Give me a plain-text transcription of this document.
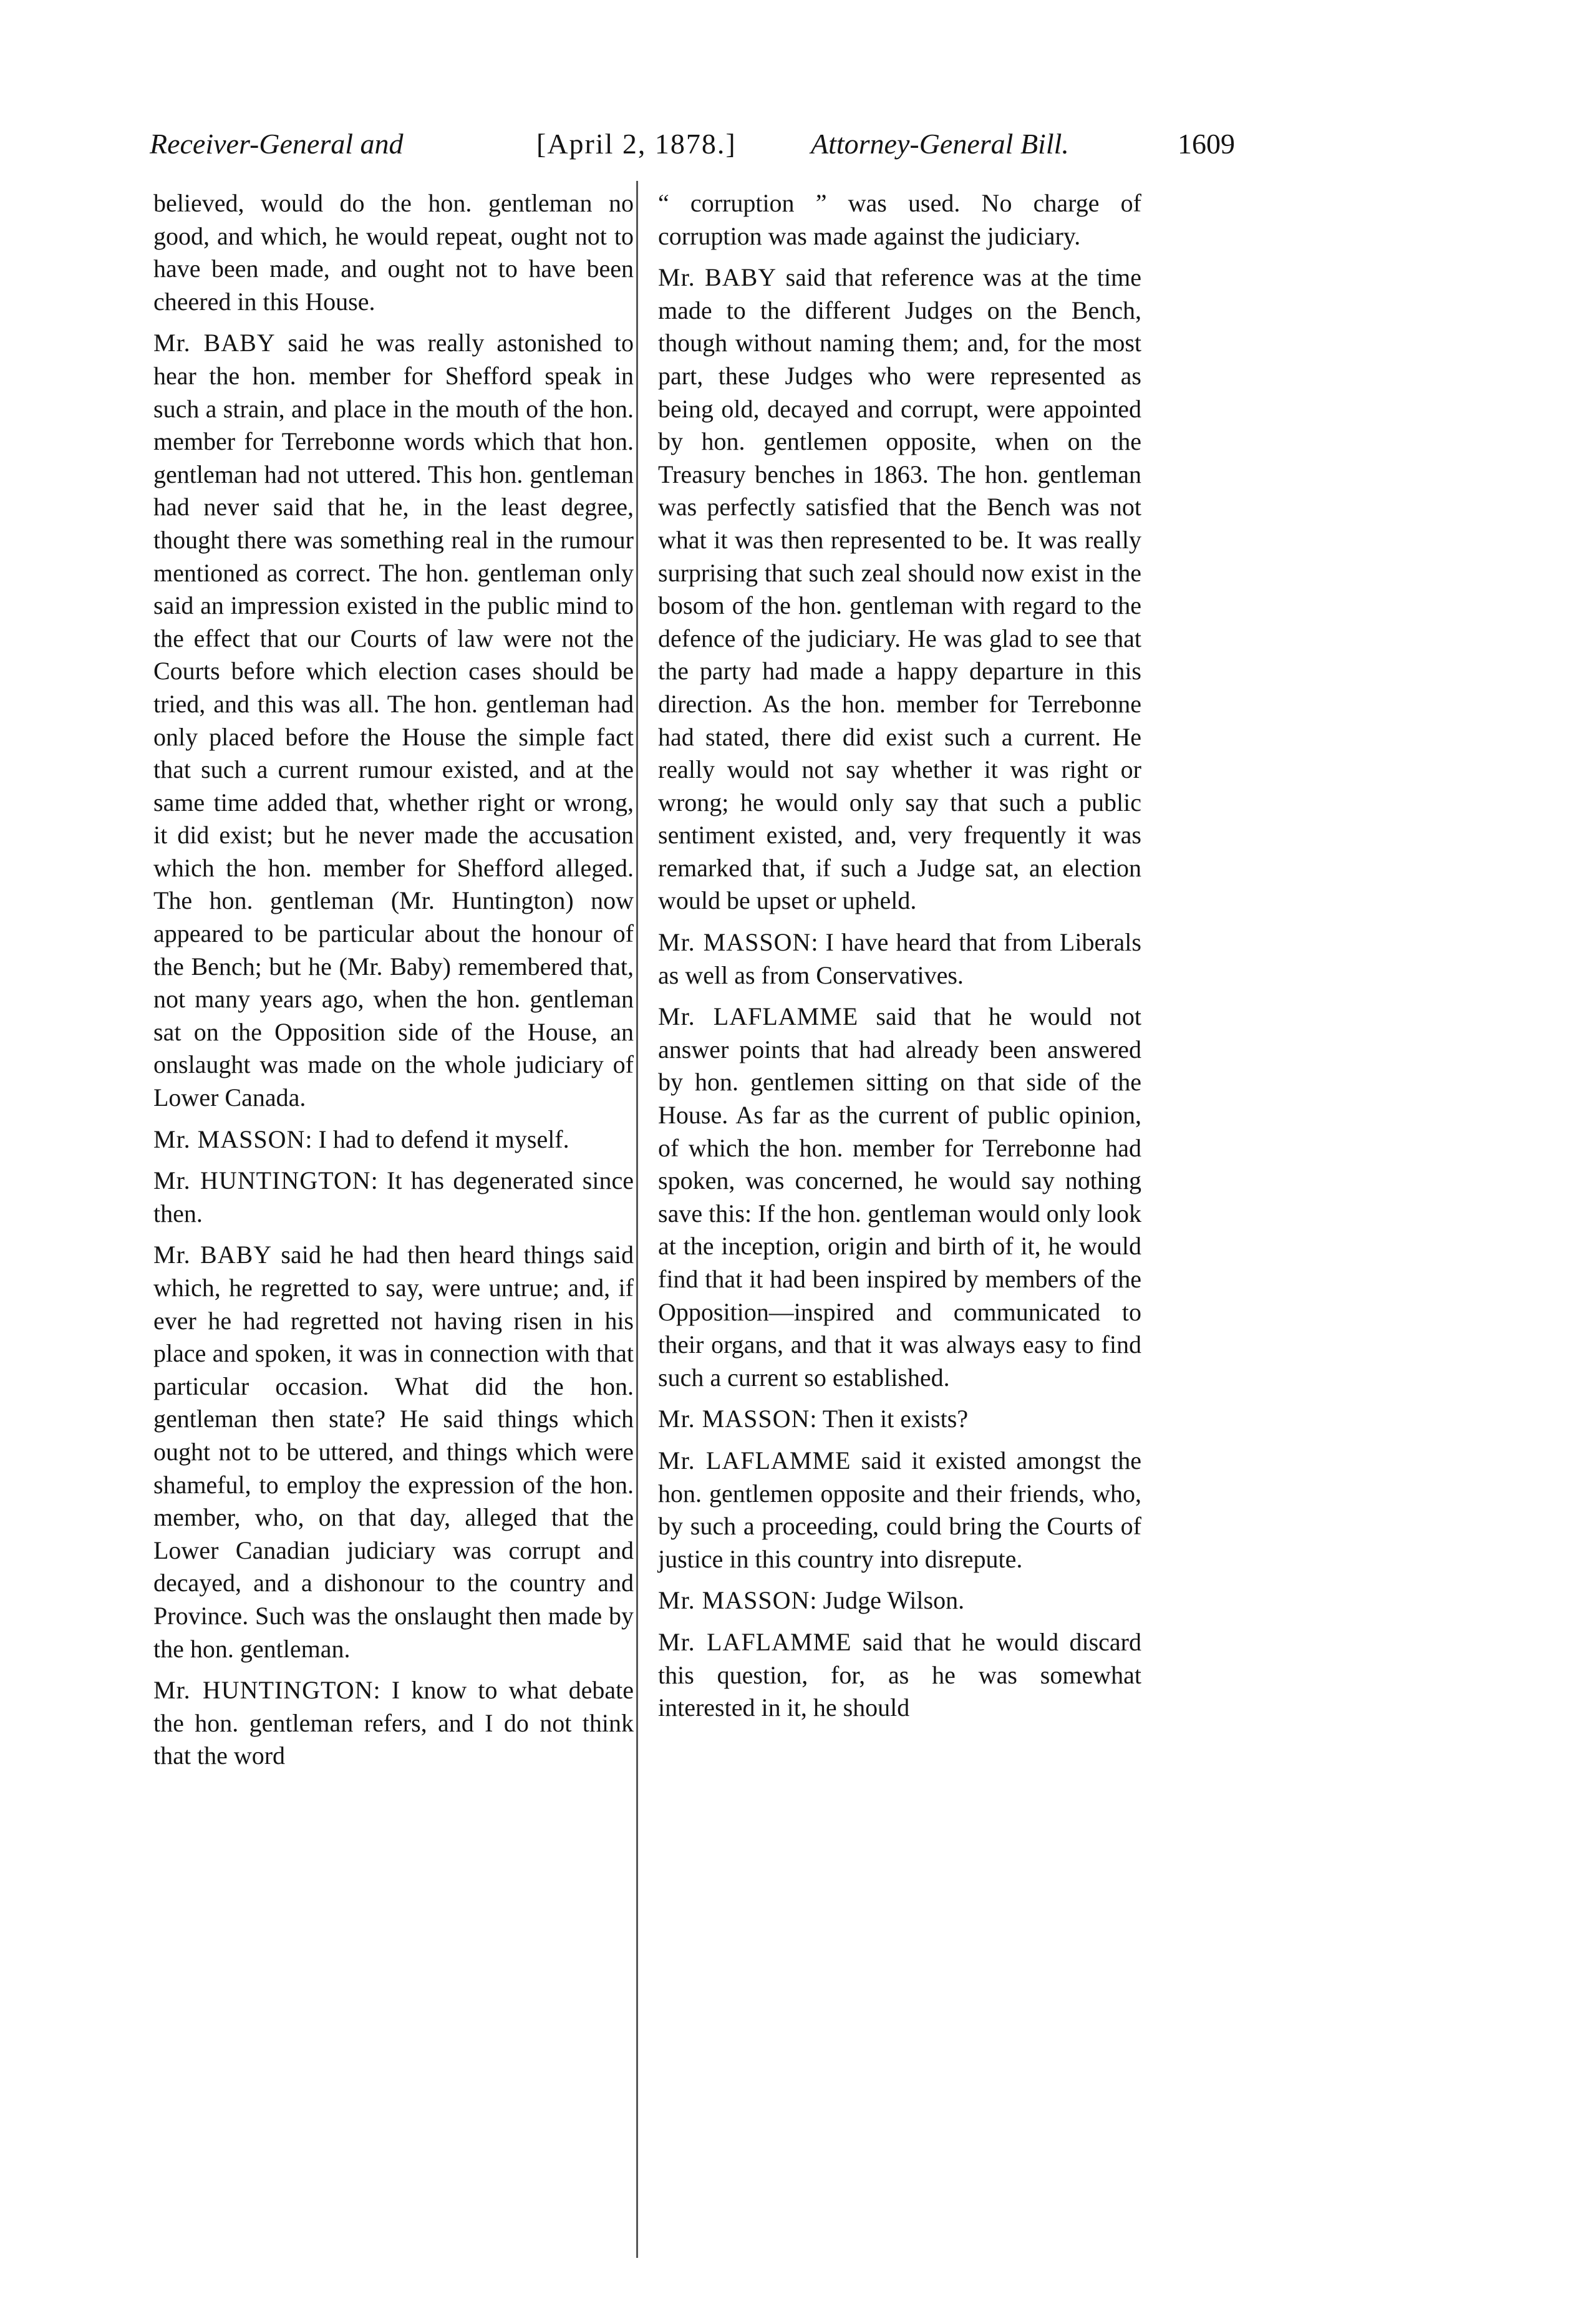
Receiver-General and	[April 2, 1878.]	Attorney-General Bill.	1609

believed, would do the hon. gentleman no good, and which, he would repeat, ought not to have been made, and ought not to have been cheered in this House.

Mr. BABY said he was really astonished to hear the hon. member for Shefford speak in such a strain, and place in the mouth of the hon. member for Terrebonne words which that hon. gentleman had not uttered. This hon. gentleman had never said that he, in the least degree, thought there was something real in the rumour mentioned as correct. The hon. gentleman only said an impression existed in the public mind to the effect that our Courts of law were not the Courts before which election cases should be tried, and this was all. The hon. gentleman had only placed before the House the simple fact that such a current rumour existed, and at the same time added that, whether right or wrong, it did exist; but he never made the accusation which the hon. member for Shefford alleged. The hon. gentleman (Mr. Huntington) now appeared to be particular about the honour of the Bench; but he (Mr. Baby) remembered that, not many years ago, when the hon. gentleman sat on the Opposition side of the House, an onslaught was made on the whole judiciary of Lower Canada.

Mr. MASSON: I had to defend it myself.

Mr. HUNTINGTON: It has degenerated since then.

Mr. BABY said he had then heard things said which, he regretted to say, were untrue; and, if ever he had regretted not having risen in his place and spoken, it was in connection with that particular occasion. What did the hon. gentleman then state? He said things which ought not to be uttered, and things which were shameful, to employ the expression of the hon. member, who, on that day, alleged that the Lower Canadian judiciary was corrupt and decayed, and a dishonour to the country and Province. Such was the onslaught then made by the hon. gentleman.

Mr. HUNTINGTON: I know to what debate the hon. gentleman refers, and I do not think that the word

“ corruption ” was used. No charge of corruption was made against the judiciary.

Mr. BABY said that reference was at the time made to the different Judges on the Bench, though without naming them; and, for the most part, these Judges who were represented as being old, decayed and corrupt, were appointed by hon. gentlemen opposite, when on the Treasury benches in 1863. The hon. gentleman was perfectly satisfied that the Bench was not what it was then represented to be. It was really surprising that such zeal should now exist in the bosom of the hon. gentleman with regard to the defence of the judiciary. He was glad to see that the party had made a happy departure in this direction. As the hon. member for Terrebonne had stated, there did exist such a current. He really would not say whether it was right or wrong; he would only say that such a public sentiment existed, and, very frequently it was remarked that, if such a Judge sat, an election would be upset or upheld.

Mr. MASSON: I have heard that from Liberals as well as from Conservatives.

Mr. LAFLAMME said that he would not answer points that had already been answered by hon. gentlemen sitting on that side of the House. As far as the current of public opinion, of which the hon. member for Terrebonne had spoken, was concerned, he would say nothing save this: If the hon. gentleman would only look at the inception, origin and birth of it, he would find that it had been inspired by members of the Opposition—inspired and communicated to their organs, and that it was always easy to find such a current so established.

Mr. MASSON: Then it exists?

Mr. LAFLAMME said it existed amongst the hon. gentlemen opposite and their friends, who, by such a proceeding, could bring the Courts of justice in this country into disrepute.

Mr. MASSON: Judge Wilson.

Mr. LAFLAMME said that he would discard this question, for, as he was somewhat interested in it, he should
